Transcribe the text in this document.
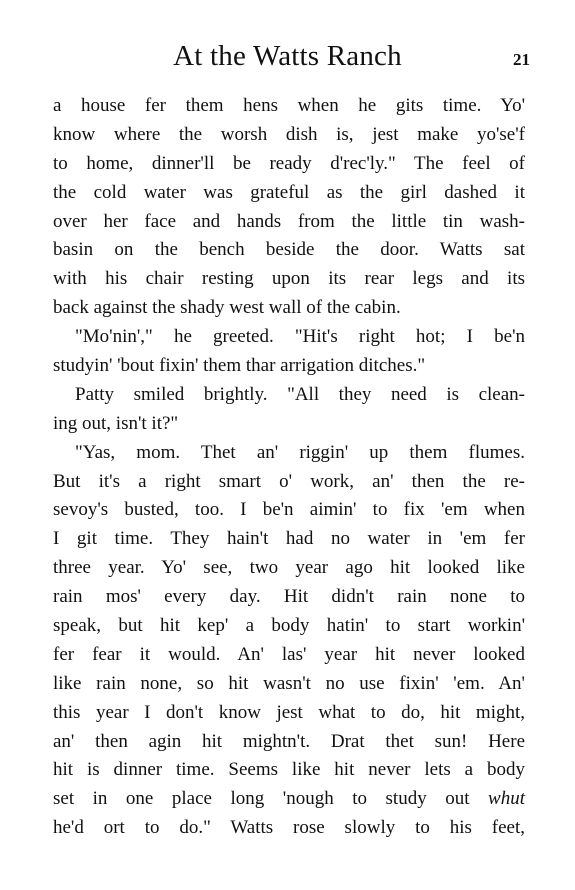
At the Watts Ranch	21
a house fer them hens when he gits time. Yo'
know where the worsh dish is, jest make yo'se'f
to home, dinner'll be ready d'rec'ly." The feel of
the cold water was grateful as the girl dashed it
over her face and hands from the little tin wash-
basin on the bench beside the door. Watts sat
with his chair resting upon its rear legs and its
back against the shady west wall of the cabin.
"Mo'nin'," he greeted. "Hit's right hot; I be'n
studyin' 'bout fixin' them thar arrigation ditches."
Patty smiled brightly. "All they need is clean-
ing out, isn't it?"
"Yas, mom. Thet an' riggin' up them flumes.
But it's a right smart o' work, an' then the re-
sevoy's busted, too. I be'n aimin' to fix 'em when
I git time. They hain't had no water in 'em fer
three year. Yo' see, two year ago hit looked like
rain mos' every day. Hit didn't rain none to
speak, but hit kep' a body hatin' to start workin'
fer fear it would. An' las' year hit never looked
like rain none, so hit wasn't no use fixin' 'em. An'
this year I don't know jest what to do, hit might,
an' then agin hit mightn't. Drat thet sun! Here
hit is dinner time. Seems like hit never lets a body
set in one place long 'nough to study out whut
he'd ort to do." Watts rose slowly to his feet,
